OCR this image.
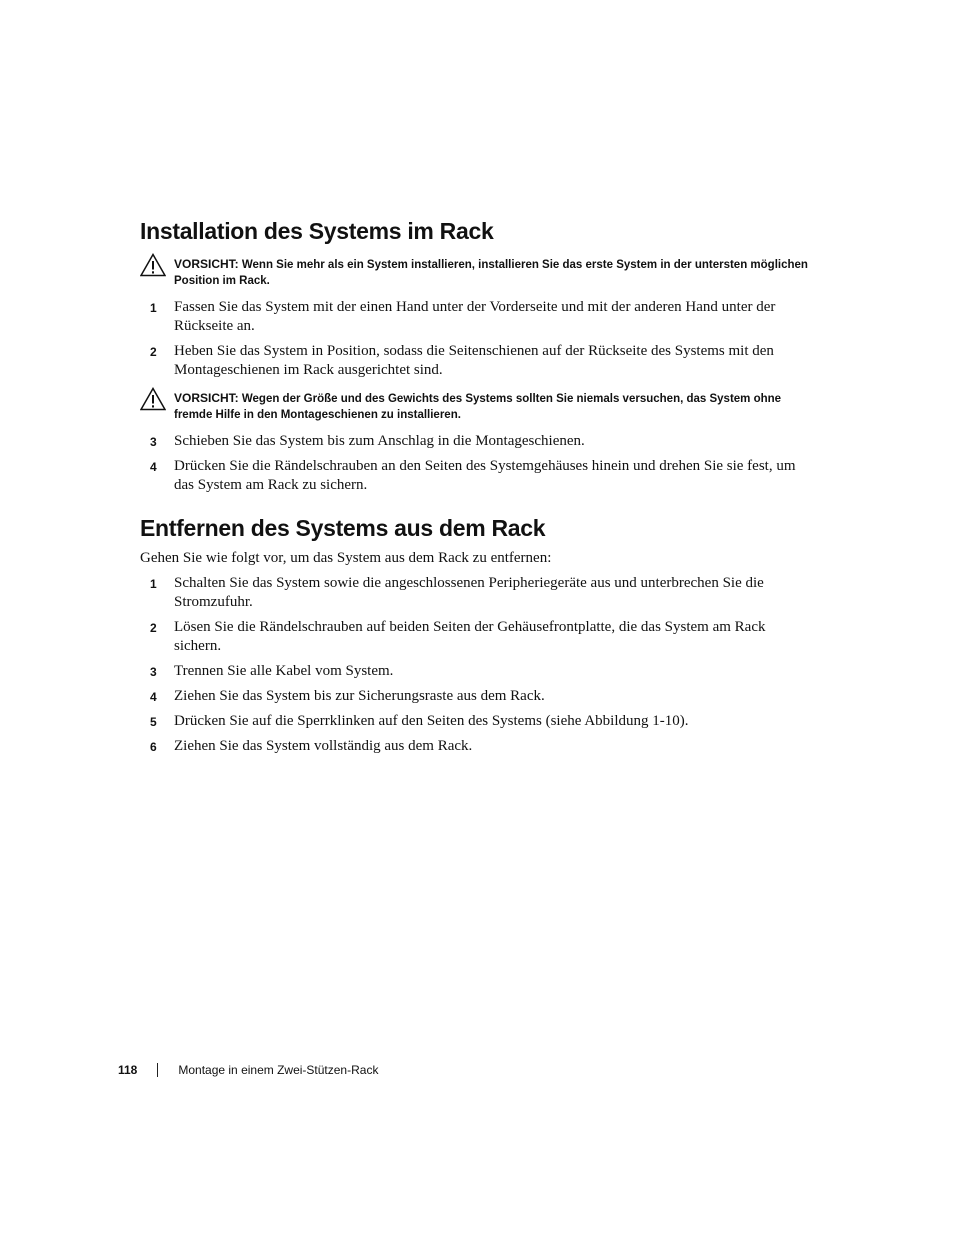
Installation des Systems im Rack
VORSICHT: Wenn Sie mehr als ein System installieren, installieren Sie das erste System in der untersten möglichen Position im Rack.
1 Fassen Sie das System mit der einen Hand unter der Vorderseite und mit der anderen Hand unter der Rückseite an.
2 Heben Sie das System in Position, sodass die Seitenschienen auf der Rückseite des Systems mit den Montageschienen im Rack ausgerichtet sind.
VORSICHT: Wegen der Größe und des Gewichts des Systems sollten Sie niemals versuchen, das System ohne fremde Hilfe in den Montageschienen zu installieren.
3 Schieben Sie das System bis zum Anschlag in die Montageschienen.
4 Drücken Sie die Rändelschrauben an den Seiten des Systemgehäuses hinein und drehen Sie sie fest, um das System am Rack zu sichern.
Entfernen des Systems aus dem Rack

Gehen Sie wie folgt vor, um das System aus dem Rack zu entfernen:

1 Schalten Sie das System sowie die angeschlossenen Peripheriegeräte aus und unterbrechen Sie die Stromzufuhr.
2 Lösen Sie die Rändelschrauben auf beiden Seiten der Gehäusefrontplatte, die das System am Rack sichern.
3 Trennen Sie alle Kabel vom System.
4 Ziehen Sie das System bis zur Sicherungsraste aus dem Rack.
5 Drücken Sie auf die Sperrklinken auf den Seiten des Systems (siehe Abbildung 1-10).
6 Ziehen Sie das System vollständig aus dem Rack.
118	Montage in einem Zwei-Stützen-Rack
